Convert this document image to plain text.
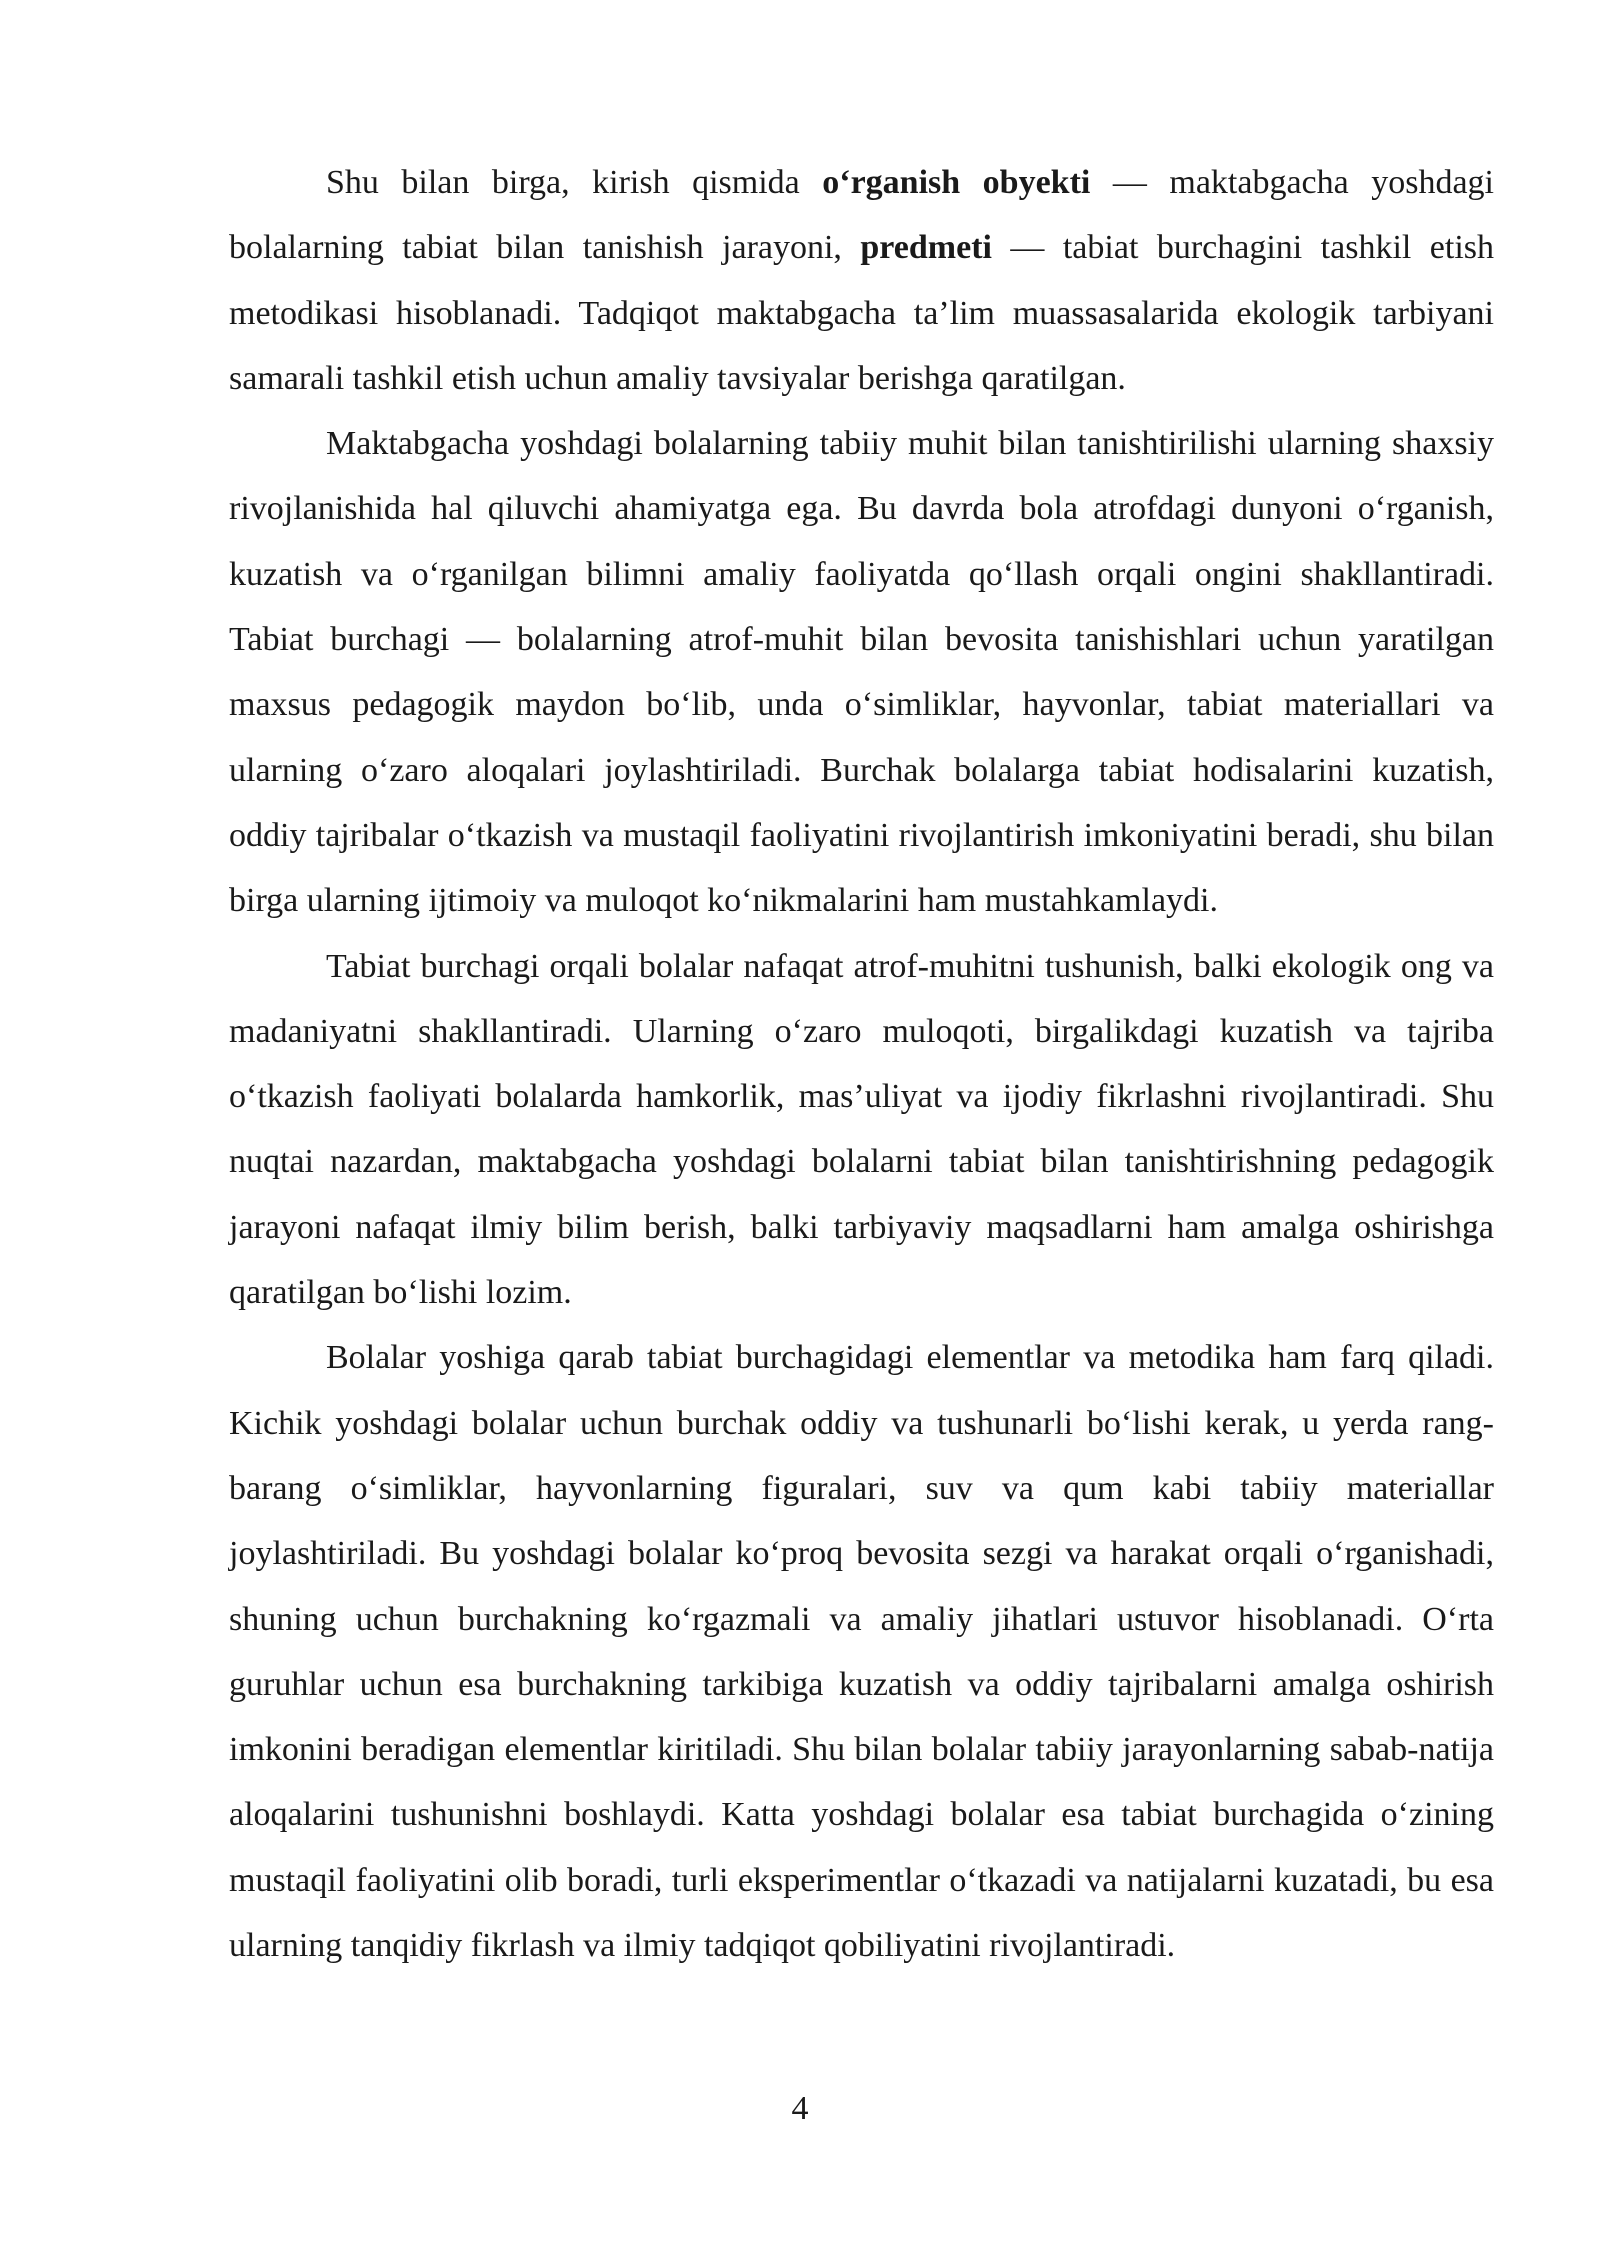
Shu bilan birga, kirish qismida o‘rganish obyekti — maktabgacha yoshdagi bolalarning tabiat bilan tanishish jarayoni, predmeti — tabiat burchagini tashkil etish metodikasi hisoblanadi. Tadqiqot maktabgacha ta’lim muassasalarida ekologik tarbiyani samarali tashkil etish uchun amaliy tavsiyalar berishga qaratilgan.

Maktabgacha yoshdagi bolalarning tabiiy muhit bilan tanishtirilishi ularning shaxsiy rivojlanishida hal qiluvchi ahamiyatga ega. Bu davrda bola atrofdagi dunyoni o‘rganish, kuzatish va o‘rganilgan bilimni amaliy faoliyatda qo‘llash orqali ongini shakllantiradi. Tabiat burchagi — bolalarning atrof-muhit bilan bevosita tanishishlari uchun yaratilgan maxsus pedagogik maydon bo‘lib, unda o‘simliklar, hayvonlar, tabiat materiallari va ularning o‘zaro aloqalari joylashtiriladi. Burchak bolalarga tabiat hodisalarini kuzatish, oddiy tajribalar o‘tkazish va mustaqil faoliyatini rivojlantirish imkoniyatini beradi, shu bilan birga ularning ijtimoiy va muloqot ko‘nikmalarini ham mustahkamlaydi.

Tabiat burchagi orqali bolalar nafaqat atrof-muhitni tushunish, balki ekologik ong va madaniyatni shakllantiradi. Ularning o‘zaro muloqoti, birgalikdagi kuzatish va tajriba o‘tkazish faoliyati bolalarda hamkorlik, mas’uliyat va ijodiy fikrlashni rivojlantiradi. Shu nuqtai nazardan, maktabgacha yoshdagi bolalarni tabiat bilan tanishtirishning pedagogik jarayoni nafaqat ilmiy bilim berish, balki tarbiyaviy maqsadlarni ham amalga oshirishga qaratilgan bo‘lishi lozim.

Bolalar yoshiga qarab tabiat burchagidagi elementlar va metodika ham farq qiladi. Kichik yoshdagi bolalar uchun burchak oddiy va tushunarli bo‘lishi kerak, u yerda rang-barang o‘simliklar, hayvonlarning figuralari, suv va qum kabi tabiiy materiallar joylashtiriladi. Bu yoshdagi bolalar ko‘proq bevosita sezgi va harakat orqali o‘rganishadi, shuning uchun burchakning ko‘rgazmali va amaliy jihatlari ustuvor hisoblanadi. O‘rta guruhlar uchun esa burchakning tarkibiga kuzatish va oddiy tajribalarni amalga oshirish imkonini beradigan elementlar kiritiladi. Shu bilan bolalar tabiiy jarayonlarning sabab-natija aloqalarini tushunishni boshlaydi. Katta yoshdagi bolalar esa tabiat burchagida o‘zining mustaqil faoliyatini olib boradi, turli eksperimentlar o‘tkazadi va natijalarni kuzatadi, bu esa ularning tanqidiy fikrlash va ilmiy tadqiqot qobiliyatini rivojlantiradi.

4
